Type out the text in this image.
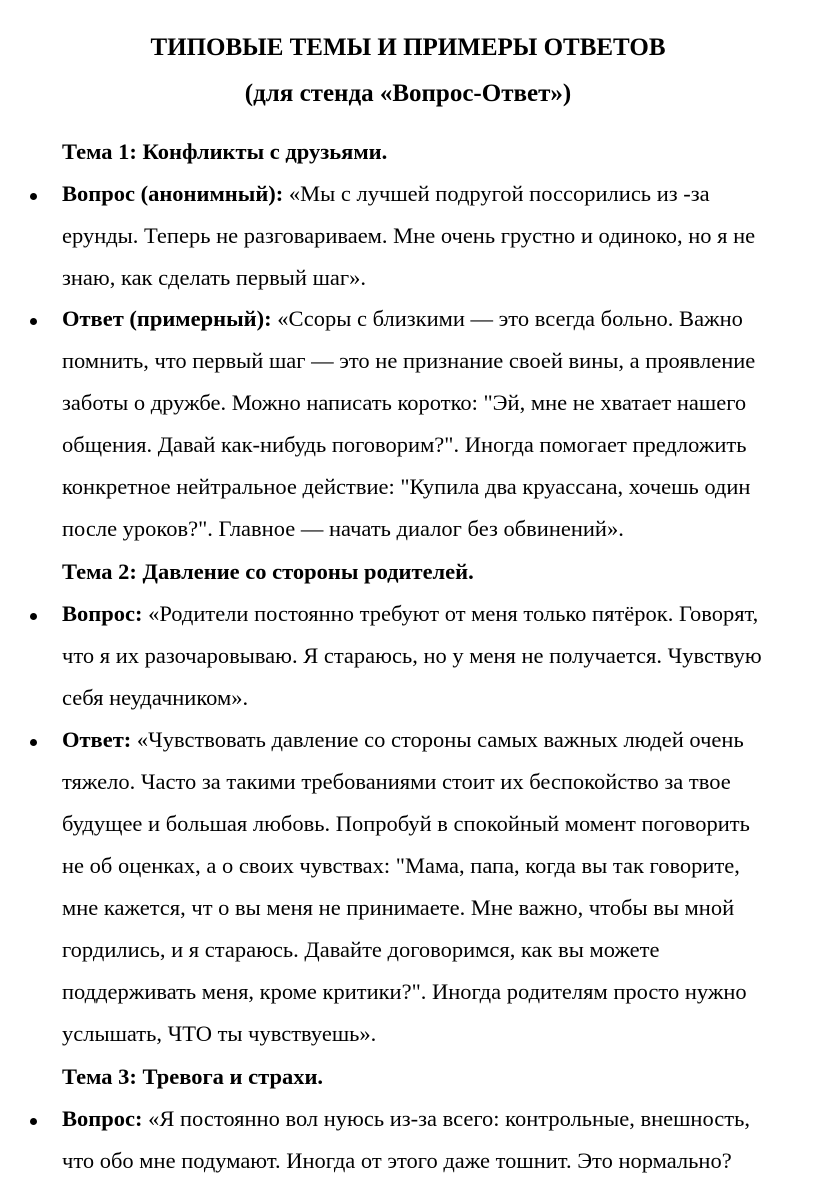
ТИПОВЫЕ ТЕМЫ И ПРИМЕРЫ ОТВЕТОВ
(для стенда «Вопрос-Ответ»)
Тема 1: Конфликты с друзьями.
Вопрос (анонимный): «Мы с лучшей подругой поссорились из -за
ерунды. Теперь не разговариваем. Мне очень грустно и одиноко, но я не
знаю, как сделать первый шаг».
Ответ (примерный): «Ссоры с близкими — это всегда больно. Важно
помнить, что первый шаг — это не признание своей вины, а проявление
заботы о дружбе. Можно написать коротко: "Эй, мне не хватает нашего
общения. Давай как-нибудь поговорим?". Иногда помогает предложить
конкретное нейтральное действие: "Купила два круассана, хочешь один
после уроков?". Главное — начать диалог без обвинений».
Тема 2: Давление со стороны родителей.
Вопрос: «Родители постоянно требуют от меня только пятёрок. Говорят,
что я их разочаровываю. Я стараюсь, но у меня не получается. Чувствую
себя неудачником».
Ответ: «Чувствовать давление со стороны самых важных людей очень
тяжело. Часто за такими требованиями стоит их беспокойство за твое
будущее и большая любовь. Попробуй в спокойный момент поговорить
не об оценках, а о своих чувствах: "Мама, папа, когда вы так говорите,
мне кажется, чт о вы меня не принимаете. Мне важно, чтобы вы мной
гордились, и я стараюсь. Давайте договоримся, как вы можете
поддерживать меня, кроме критики?". Иногда родителям просто нужно
услышать, ЧТО ты чувствуешь».
Тема 3: Тревога и страхи.
Вопрос: «Я постоянно вол нуюсь из-за всего: контрольные, внешность,
что обо мне подумают. Иногда от этого даже тошнит. Это нормально?
